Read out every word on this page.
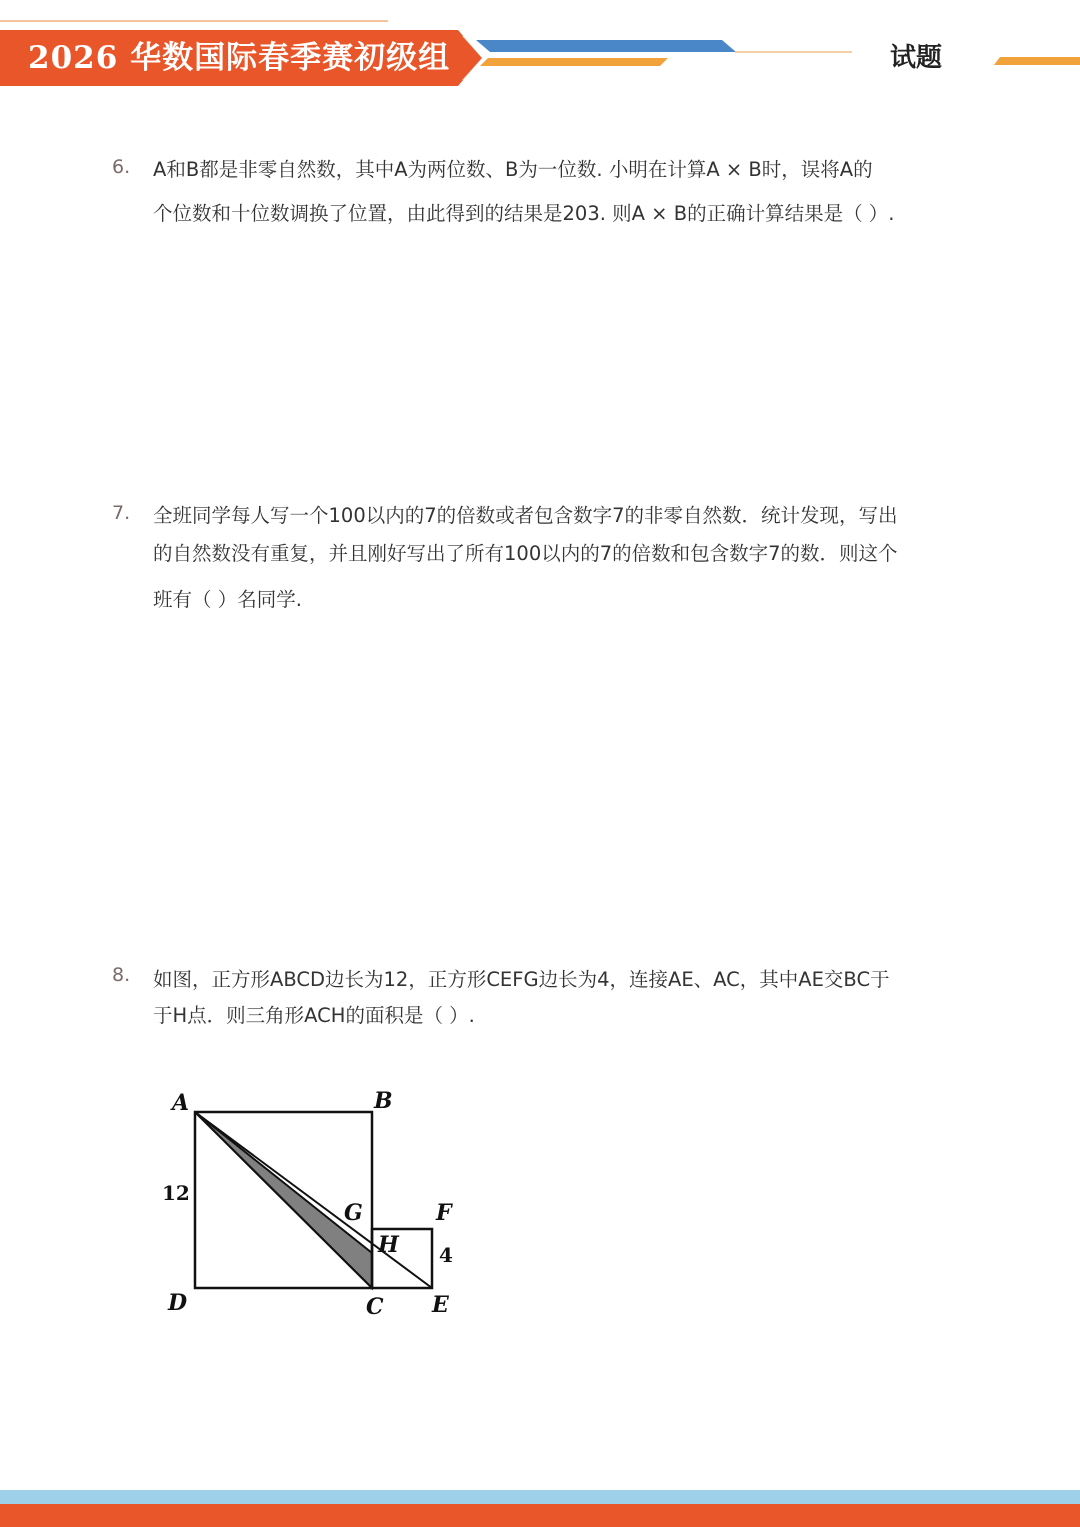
2026 华数国际春季赛初级组	试题
6. A和B都是非零自然数，其中A为两位数、B为一位数. 小明在计算A × B时，误将A的
个位数和十位数调换了位置，由此得到的结果是203. 则A × B的正确计算结果是（ ）.
7. 全班同学每人写一个100以内的7的倍数或者包含数字7的非零自然数．统计发现，写出
的自然数没有重复，并且刚好写出了所有100以内的7的倍数和包含数字7的数．则这个
班有（ ）名同学.
8. 如图，正方形ABCD边长为12，正方形CEFG边长为4，连接AE、AC，其中AE交BC于
于H点．则三角形ACH的面积是（ ）.
A	B
D	C E
F
G
H
12
4
